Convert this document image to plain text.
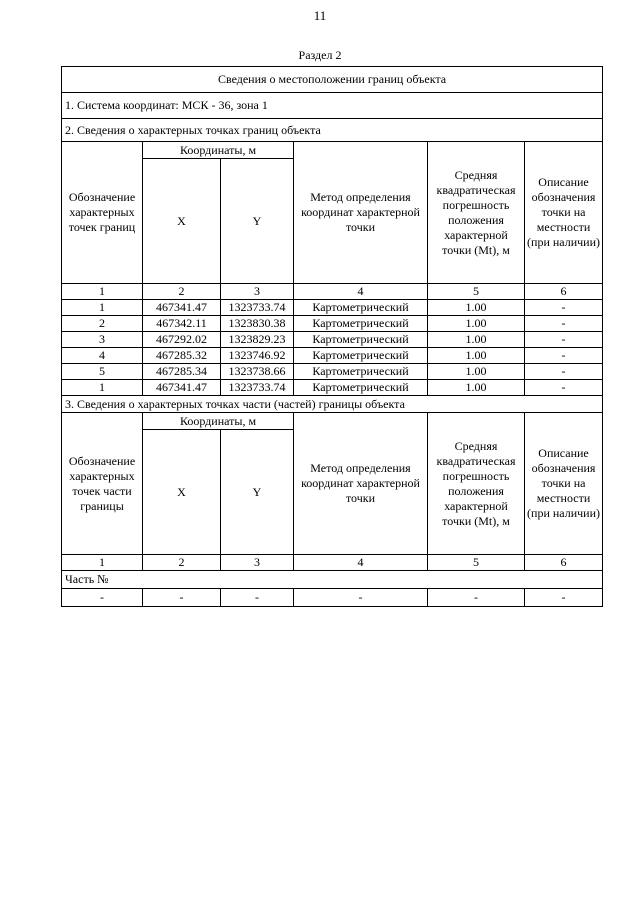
11
Раздел 2
Сведения о местоположении границ объекта					
1. Система координат: МСК - 36, зона 1					
2. Сведения о характерных точках границ объекта					
Обозначение характерных точек границ	Координаты, м		Метод определения координат характерной точки	Средняя квадратическая погрешность положения характерной точки (Mt), м	Описание обозначения точки на местности (при наличии)
	X	Y			
1	2	3	4	5	6
1	467341.47	1323733.74	Картометрический	1.00	-
2	467342.11	1323830.38	Картометрический	1.00	-
3	467292.02	1323829.23	Картометрический	1.00	-
4	467285.32	1323746.92	Картометрический	1.00	-
5	467285.34	1323738.66	Картометрический	1.00	-
1	467341.47	1323733.74	Картометрический	1.00	-
3. Сведения о характерных точках части (частей) границы объекта					
Обозначение характерных точек части границы	Координаты, м		Метод определения координат характерной точки	Средняя квадратическая погрешность положения характерной точки (Mt), м	Описание обозначения точки на местности (при наличии)
	X	Y			
1	2	3	4	5	6
Часть №					
-	-	-	-	-	-
